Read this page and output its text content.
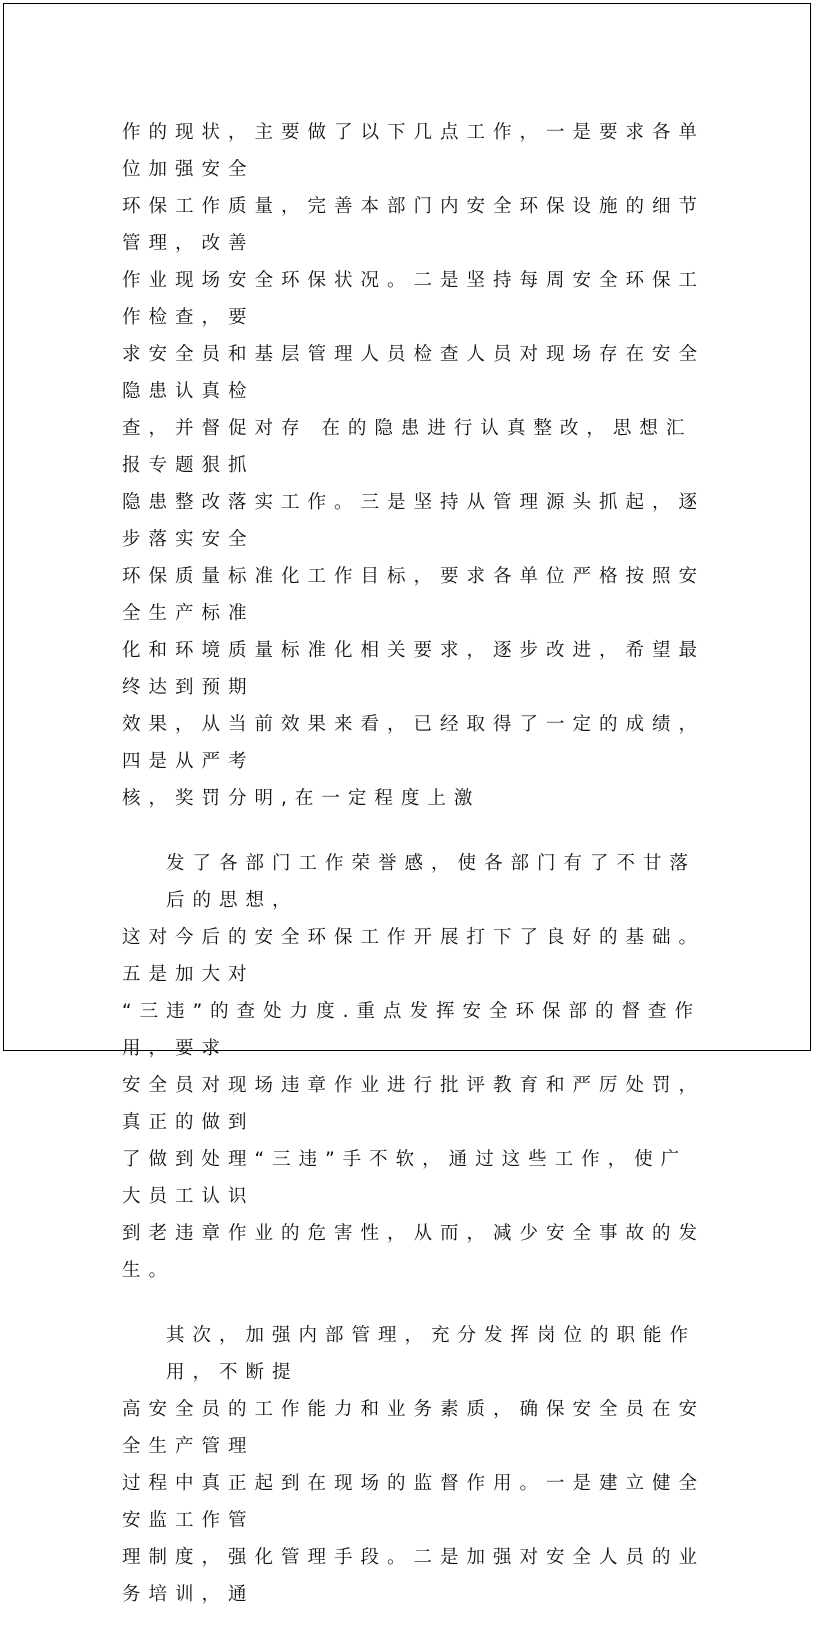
作的现状，主要做了以下几点工作，一是要求各单位加强安全
环保工作质量，完善本部门内安全环保设施的细节管理，改善
作业现场安全环保状况。二是坚持每周安全环保工作检查，要
求安全员和基层管理人员检查人员对现场存在安全隐患认真检
查，并督促对存 在的隐患进行认真整改，思想汇报专题狠抓
隐患整改落实工作。三是坚持从管理源头抓起，逐步落实安全
环保质量标准化工作目标，要求各单位严格按照安全生产标准
化和环境质量标准化相关要求，逐步改进，希望最终达到预期
效果，从当前效果来看，已经取得了一定的成绩，四是从严考
核，奖罚分明,在一定程度上激
发了各部门工作荣誉感，使各部门有了不甘落后的思想，
这对今后的安全环保工作开展打下了良好的基础。五是加大对
“三违”的查处力度.重点发挥安全环保部的督查作用，要求
安全员对现场违章作业进行批评教育和严厉处罚，真正的做到
了做到处理“三违”手不软，通过这些工作，使广大员工认识
到老违章作业的危害性，从而，减少安全事故的发生。
其次，加强内部管理，充分发挥岗位的职能作用，不断提
高安全员的工作能力和业务素质，确保安全员在安全生产管理
过程中真正起到在现场的监督作用。一是建立健全安监工作管
理制度，强化管理手段。二是加强对安全人员的业务培训，通
